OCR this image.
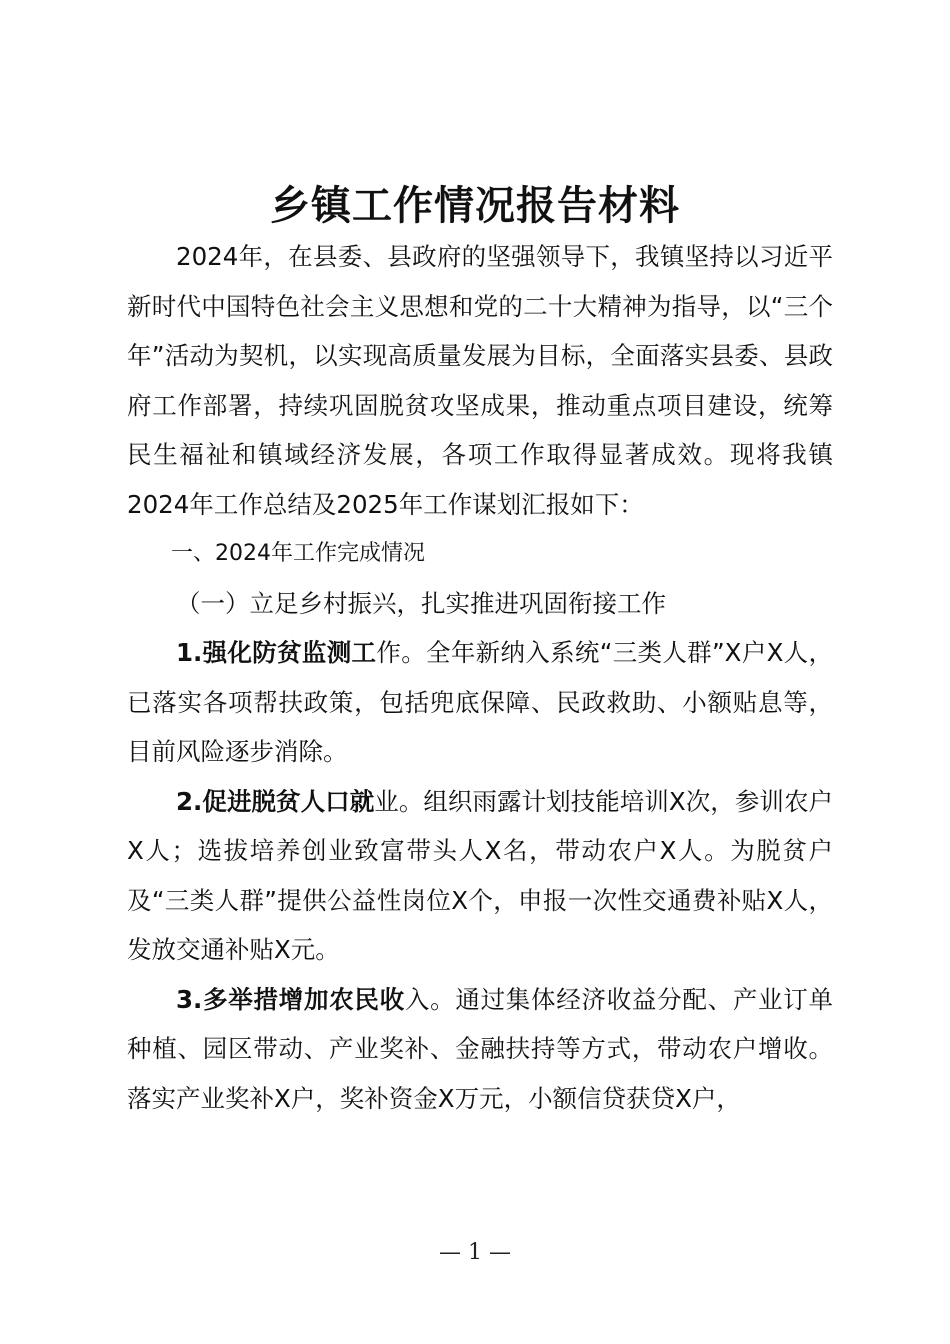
乡镇工作情况报告材料

2024年，在县委、县政府的坚强领导下，我镇坚持以习近平新时代中国特色社会主义思想和党的二十大精神为指导，以“三个年”活动为契机，以实现高质量发展为目标，全面落实县委、县政府工作部署，持续巩固脱贫攻坚成果，推动重点项目建设，统筹民生福祉和镇域经济发展，各项工作取得显著成效。现将我镇2024年工作总结及2025年工作谋划汇报如下：

一、2024年工作完成情况

（一）立足乡村振兴，扎实推进巩固衔接工作

1.强化防贫监测工作。全年新纳入系统“三类人群”X户X人，已落实各项帮扶政策，包括兜底保障、民政救助、小额贴息等，目前风险逐步消除。

2.促进脱贫人口就业。组织雨露计划技能培训X次，参训农户X人；选拔培养创业致富带头人X名，带动农户X人。为脱贫户及“三类人群”提供公益性岗位X个，申报一次性交通费补贴X人，发放交通补贴X元。

3.多举措增加农民收入。通过集体经济收益分配、产业订单种植、园区带动、产业奖补、金融扶持等方式，带动农户增收。落实产业奖补X户，奖补资金X万元，小额信贷获贷X户，

— 1 —
